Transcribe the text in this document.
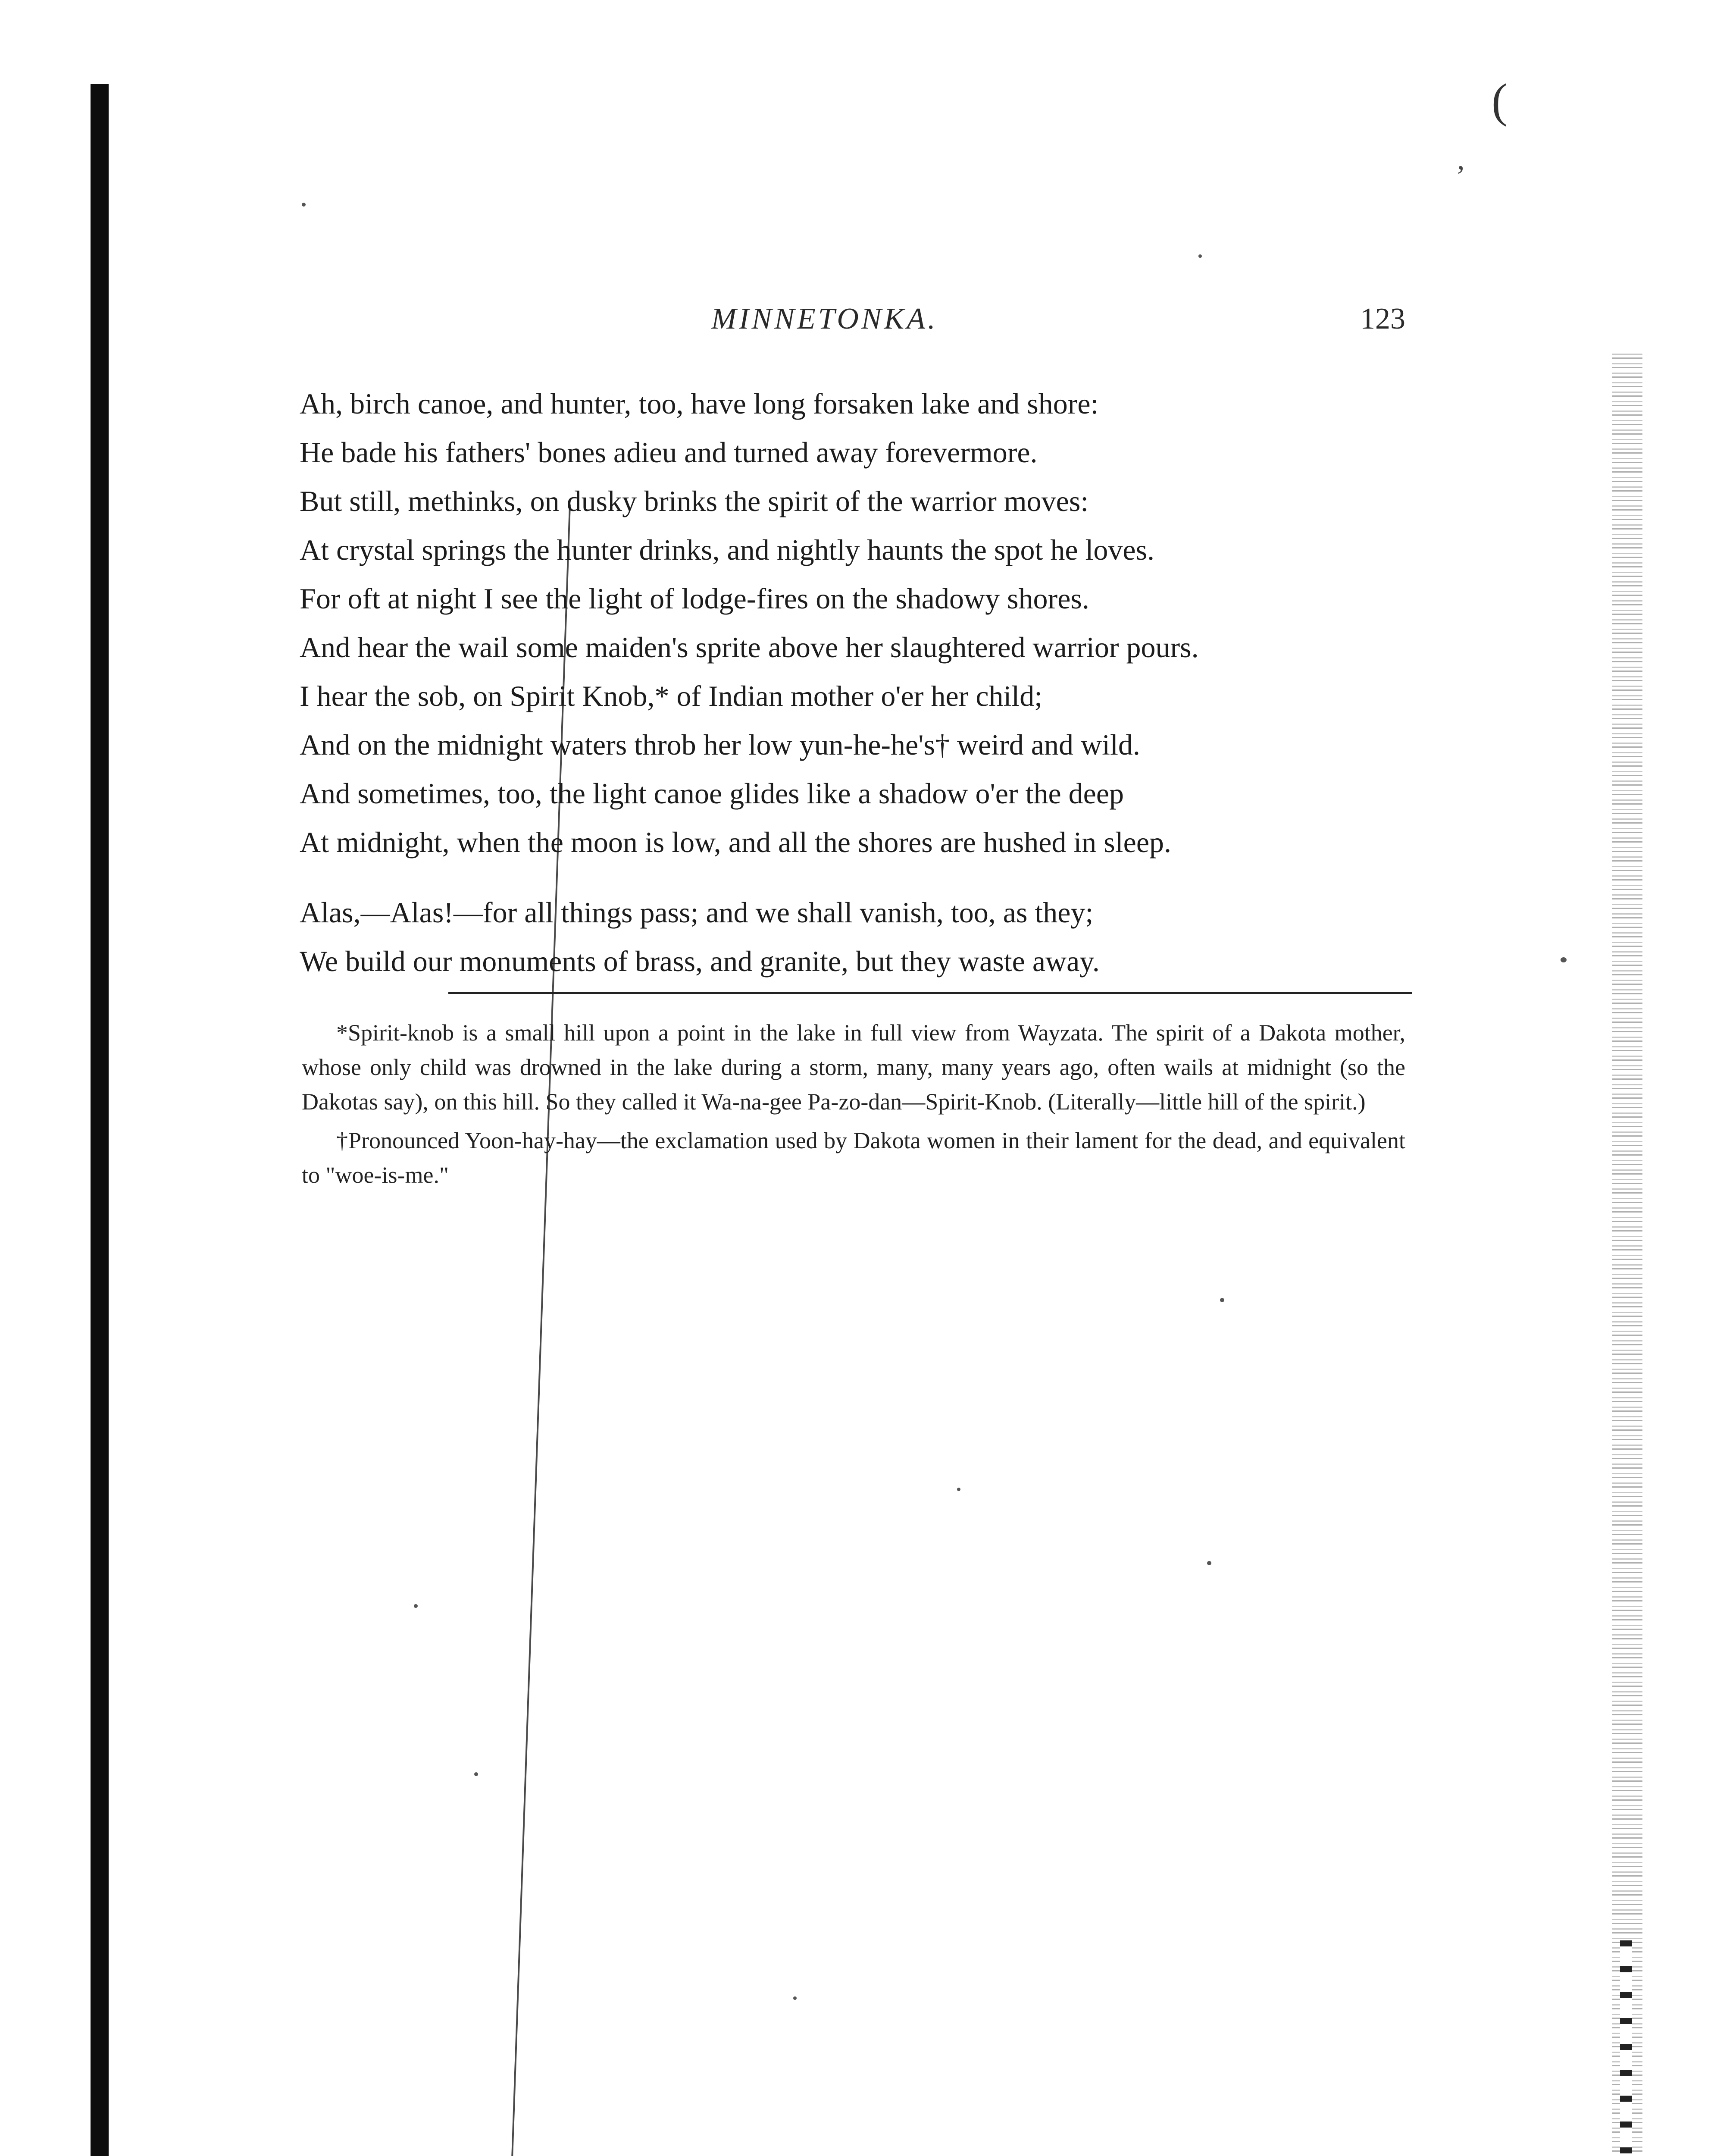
(
,
MINNETONKA.	123
Ah, birch canoe, and hunter, too, have long forsaken lake and shore:
He bade his fathers' bones adieu and turned away forevermore.
But still, methinks, on dusky brinks the spirit of the warrior moves:
At crystal springs the hunter drinks, and nightly haunts the spot he loves.
For oft at night I see the light of lodge-fires on the shadowy shores.
And hear the wail some maiden's sprite above her slaughtered warrior pours.
I hear the sob, on Spirit Knob,* of Indian mother o'er her child;
And on the midnight waters throb her low yun-he-he's† weird and wild.
And sometimes, too, the light canoe glides like a shadow o'er the deep
At midnight, when the moon is low, and all the shores are hushed in sleep.
Alas,—Alas!—for all things pass; and we shall vanish, too, as they;
We build our monuments of brass, and granite, but they waste away.

*Spirit-knob is a small hill upon a point in the lake in full view from Wayzata. The spirit of a Dakota mother, whose only child was drowned in the lake during a storm, many, many years ago, often wails at midnight (so the Dakotas say), on this hill. So they called it Wa-na-gee Pa-zo-dan—Spirit-Knob. (Literally—little hill of the spirit.)

†Pronounced Yoon-hay-hay—the exclamation used by Dakota women in their lament for the dead, and equivalent to "woe-is-me."
